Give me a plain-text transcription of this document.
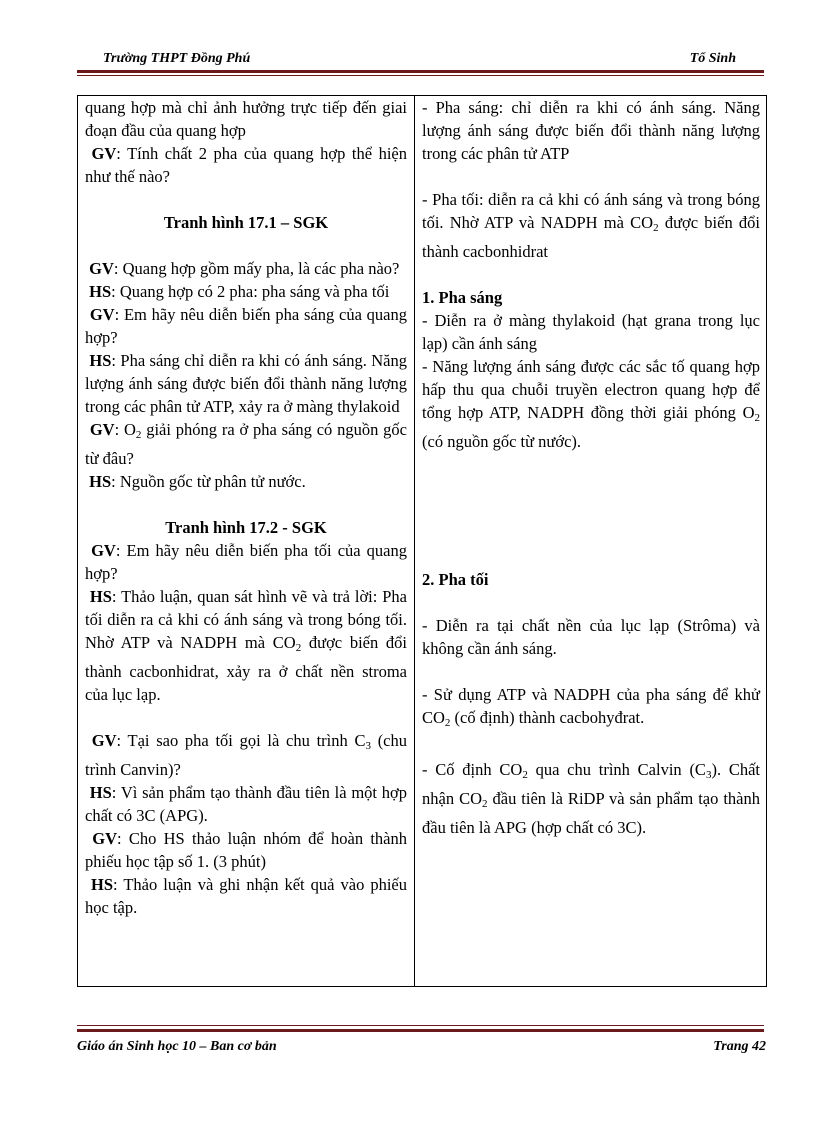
Trường THPT Đồng Phú	Tổ Sinh

quang hợp mà chỉ ảnh hưởng trực tiếp đến giai đoạn đầu của quang hợp

GV: Tính chất 2 pha của quang hợp thể hiện như thế nào?

Tranh hình 17.1 – SGK

GV: Quang hợp gồm mấy pha, là các pha nào?

HS: Quang hợp có 2 pha: pha sáng và pha tối

GV: Em hãy nêu diễn biến pha sáng của quang hợp?

HS: Pha sáng chỉ diễn ra khi có ánh sáng. Năng lượng ánh sáng được biến đổi thành năng lượng trong các phân tử ATP, xảy ra ở màng thylakoid

GV: $O_2$ giải phóng ra ở pha sáng có nguồn gốc từ đâu?

HS: Nguồn gốc từ phân tử nước.

Tranh hình 17.2 - SGK

GV: Em hãy nêu diễn biến pha tối của quang hợp?

HS: Thảo luận, quan sát hình vẽ và trả lời: Pha tối diễn ra cả khi có ánh sáng và trong bóng tối. Nhờ ATP và NADPH mà $CO_2$ được biến đổi thành cacbonhidrat, xảy ra ở chất nền stroma của lục lạp.

GV: Tại sao pha tối gọi là chu trình $C_3$ (chu trình Canvin)?

HS: Vì sản phẩm tạo thành đầu tiên là một hợp chất có 3C (APG).

GV: Cho HS thảo luận nhóm để hoàn thành phiếu học tập số 1. (3 phút)

HS: Thảo luận và ghi nhận kết quả vào phiếu học tập.

- Pha sáng: chỉ diễn ra khi có ánh sáng. Năng lượng ánh sáng được biến đổi thành năng lượng trong các phân tử ATP

- Pha tối: diễn ra cả khi có ánh sáng và trong bóng tối. Nhờ ATP và NADPH mà $CO_2$ được biến đổi thành cacbonhidrat

1. Pha sáng

- Diễn ra ở màng thylakoid (hạt grana trong lục lạp) cần ánh sáng

- Năng lượng ánh sáng được các sắc tố quang hợp hấp thu qua chuỗi truyền electron quang hợp để tổng hợp ATP, NADPH đồng thời giải phóng $O_2$ (có nguồn gốc từ nước).

2. Pha tối

- Diễn ra tại chất nền của lục lạp (Strôma) và không cần ánh sáng.

- Sử dụng ATP và NADPH của pha sáng để khử $CO_2$ (cố định) thành cacbohyđrat.

- Cố định $CO_2$ qua chu trình Calvin $(C_3)$. Chất nhận $CO_2$ đầu tiên là RiDP và sản phẩm tạo thành đầu tiên là APG (hợp chất có 3C).

Giáo án Sinh học 10 – Ban cơ bản	Trang 42
